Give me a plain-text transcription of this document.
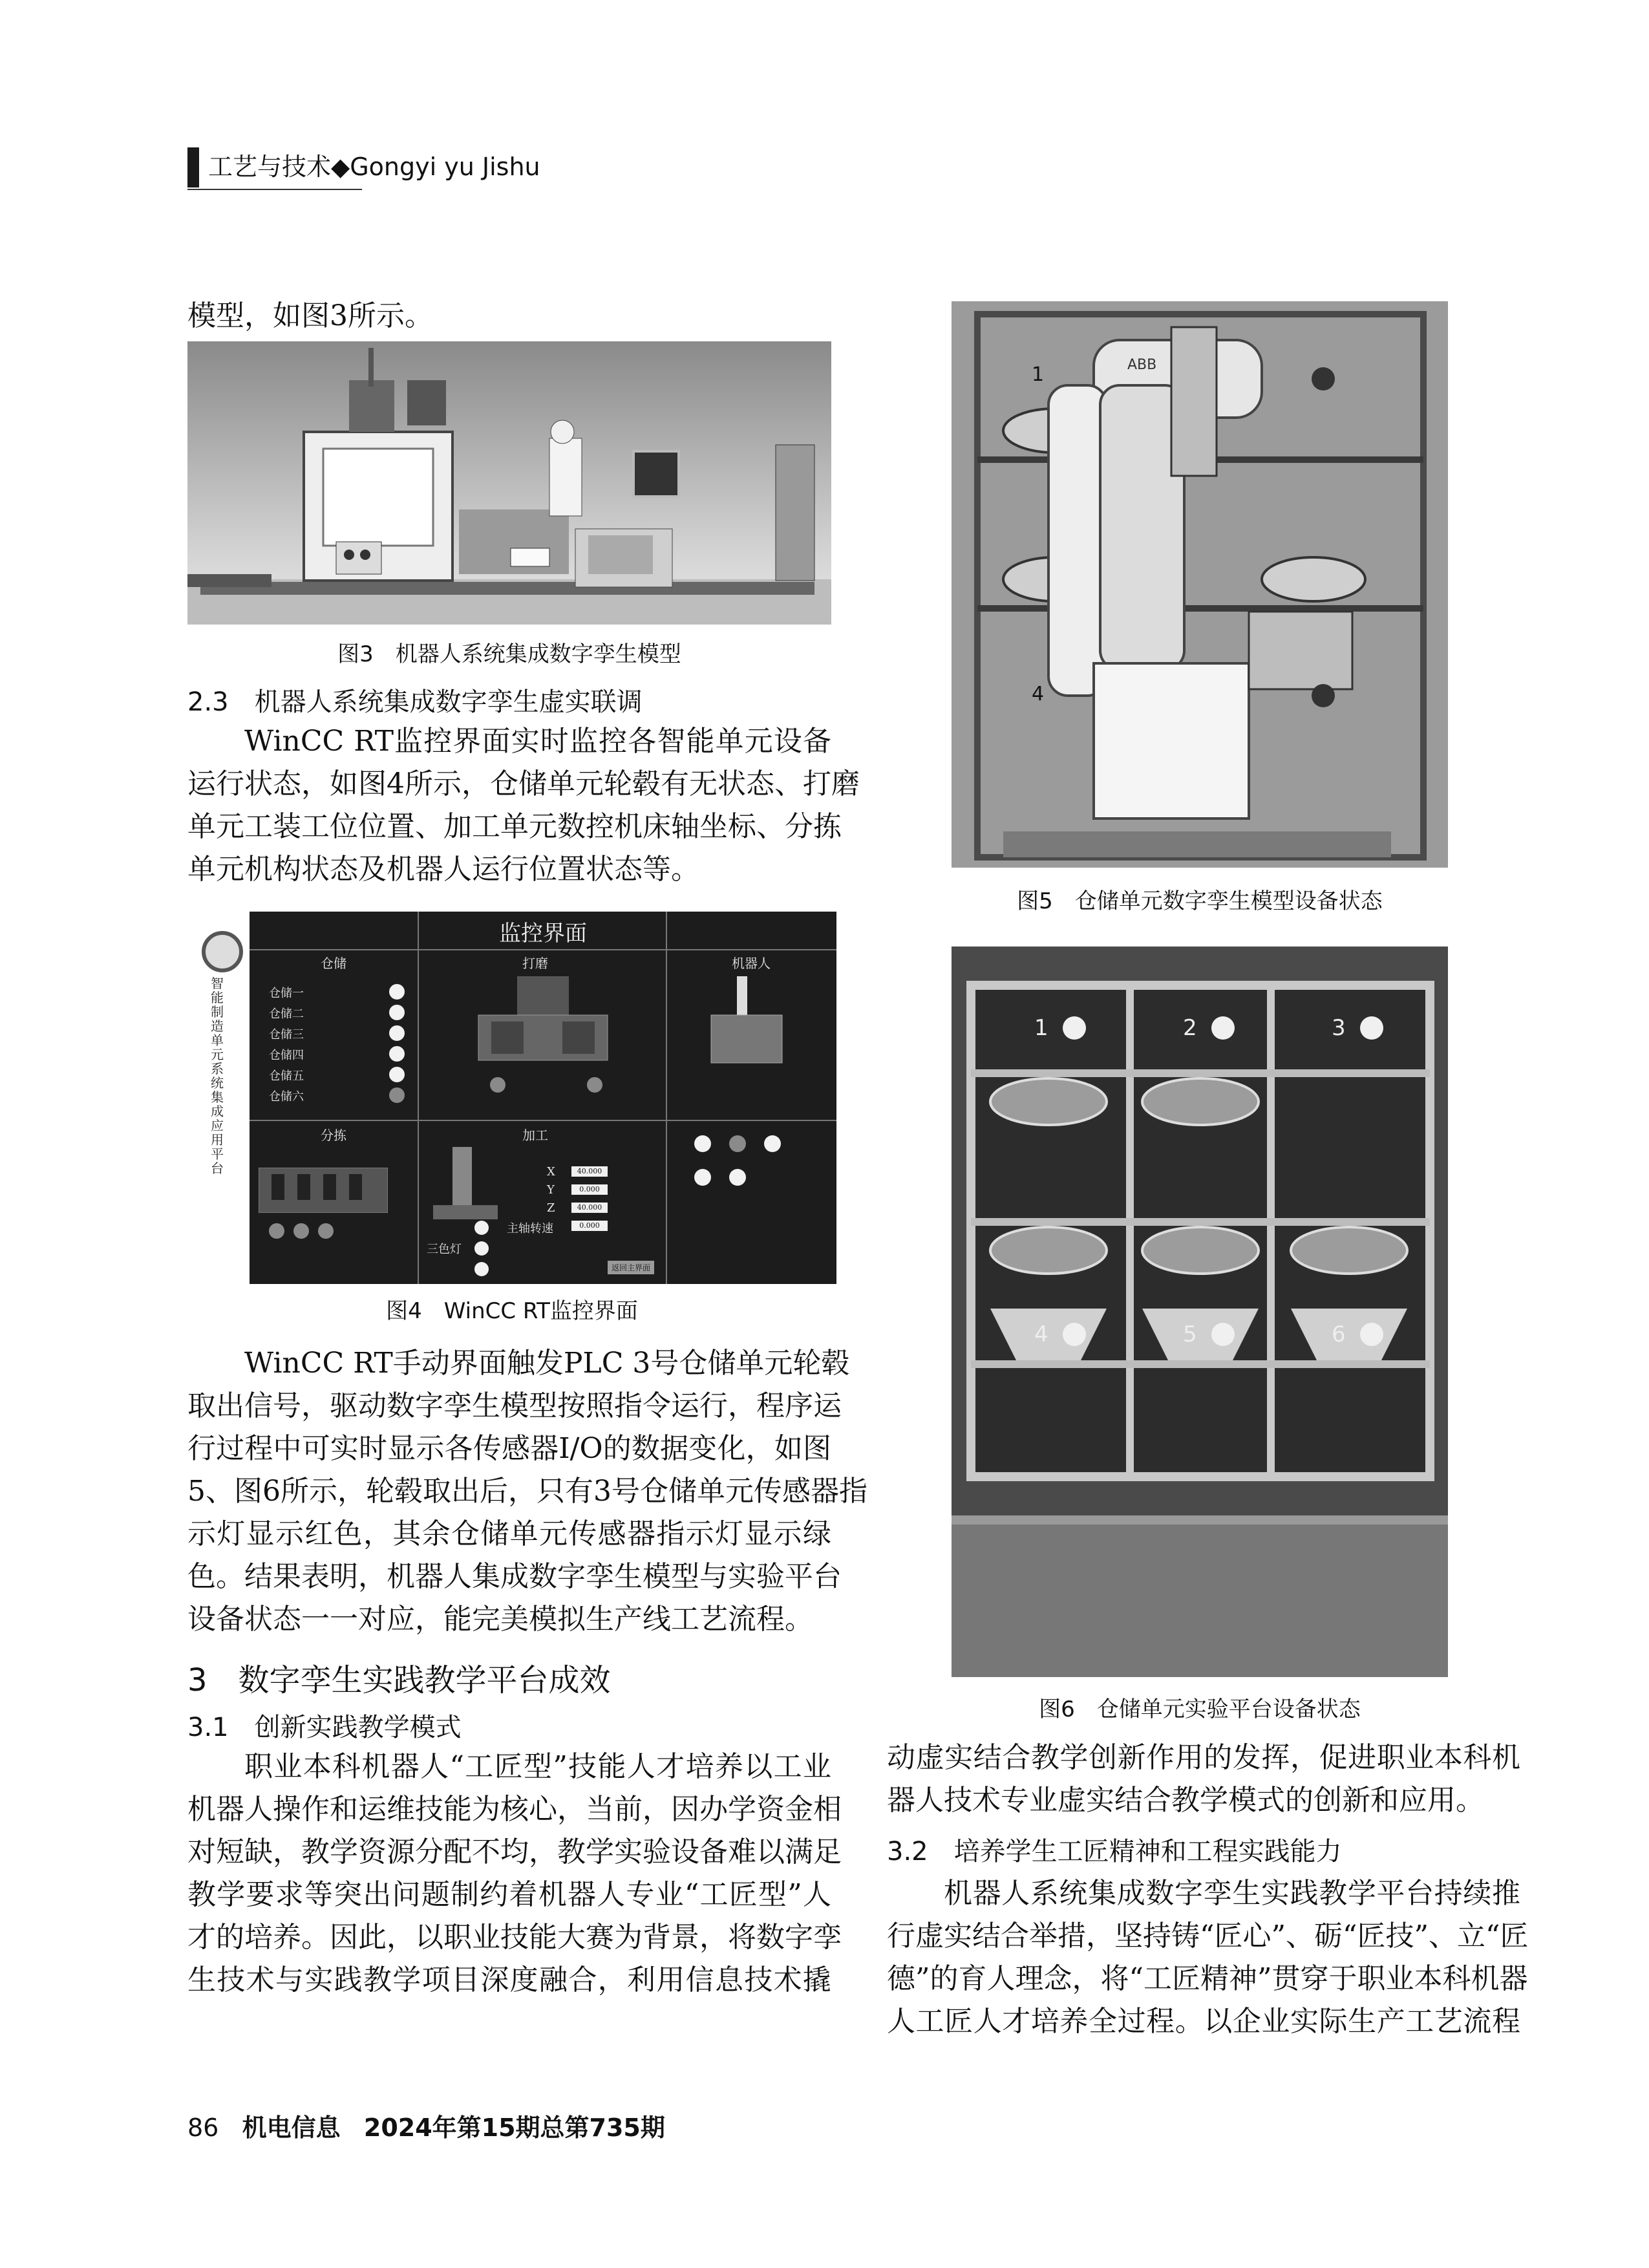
工艺与技术◆Gongyi yu Jishu
模型，如图3所示。
图3　机器人系统集成数字孪生模型
2.3　机器人系统集成数字孪生虚实联调
WinCC RT监控界面实时监控各智能单元设备
运行状态，如图4所示，仓储单元轮毂有无状态、打磨
单元工装工位位置、加工单元数控机床轴坐标、分拣
单元机构状态及机器人运行位置状态等。
智能制造单元系统集成应用平台
监控界面
仓储	打磨	机器人
分拣	加工
仓储一
仓储二
仓储三
仓储四
仓储五
仓储六
X
Y
Z
主轴转速
40.000
0.000
40.000
0.000
三色灯
返回主界面
图4　WinCC RT监控界面
WinCC RT手动界面触发PLC 3号仓储单元轮毂
取出信号，驱动数字孪生模型按照指令运行，程序运
行过程中可实时显示各传感器I/O的数据变化，如图
5、图6所示，轮毂取出后，只有3号仓储单元传感器指
示灯显示红色，其余仓储单元传感器指示灯显示绿
色。结果表明，机器人集成数字孪生模型与实验平台
设备状态一一对应，能完美模拟生产线工艺流程。
3　数字孪生实践教学平台成效
3.1　创新实践教学模式
职业本科机器人“工匠型”技能人才培养以工业
机器人操作和运维技能为核心，当前，因办学资金相
对短缺，教学资源分配不均，教学实验设备难以满足
教学要求等突出问题制约着机器人专业“工匠型”人
才的培养。因此，以职业技能大赛为背景，将数字孪
生技术与实践教学项目深度融合，利用信息技术撬
1
4
ABB
图5　仓储单元数字孪生模型设备状态
1	2	3
4	5	6
图6　仓储单元实验平台设备状态
动虚实结合教学创新作用的发挥，促进职业本科机
器人技术专业虚实结合教学模式的创新和应用。
3.2　培养学生工匠精神和工程实践能力
机器人系统集成数字孪生实践教学平台持续推
行虚实结合举措，坚持铸“匠心”、砺“匠技”、立“匠
德”的育人理念，将“工匠精神”贯穿于职业本科机器
人工匠人才培养全过程。以企业实际生产工艺流程
86 机电信息 2024年第15期总第735期
